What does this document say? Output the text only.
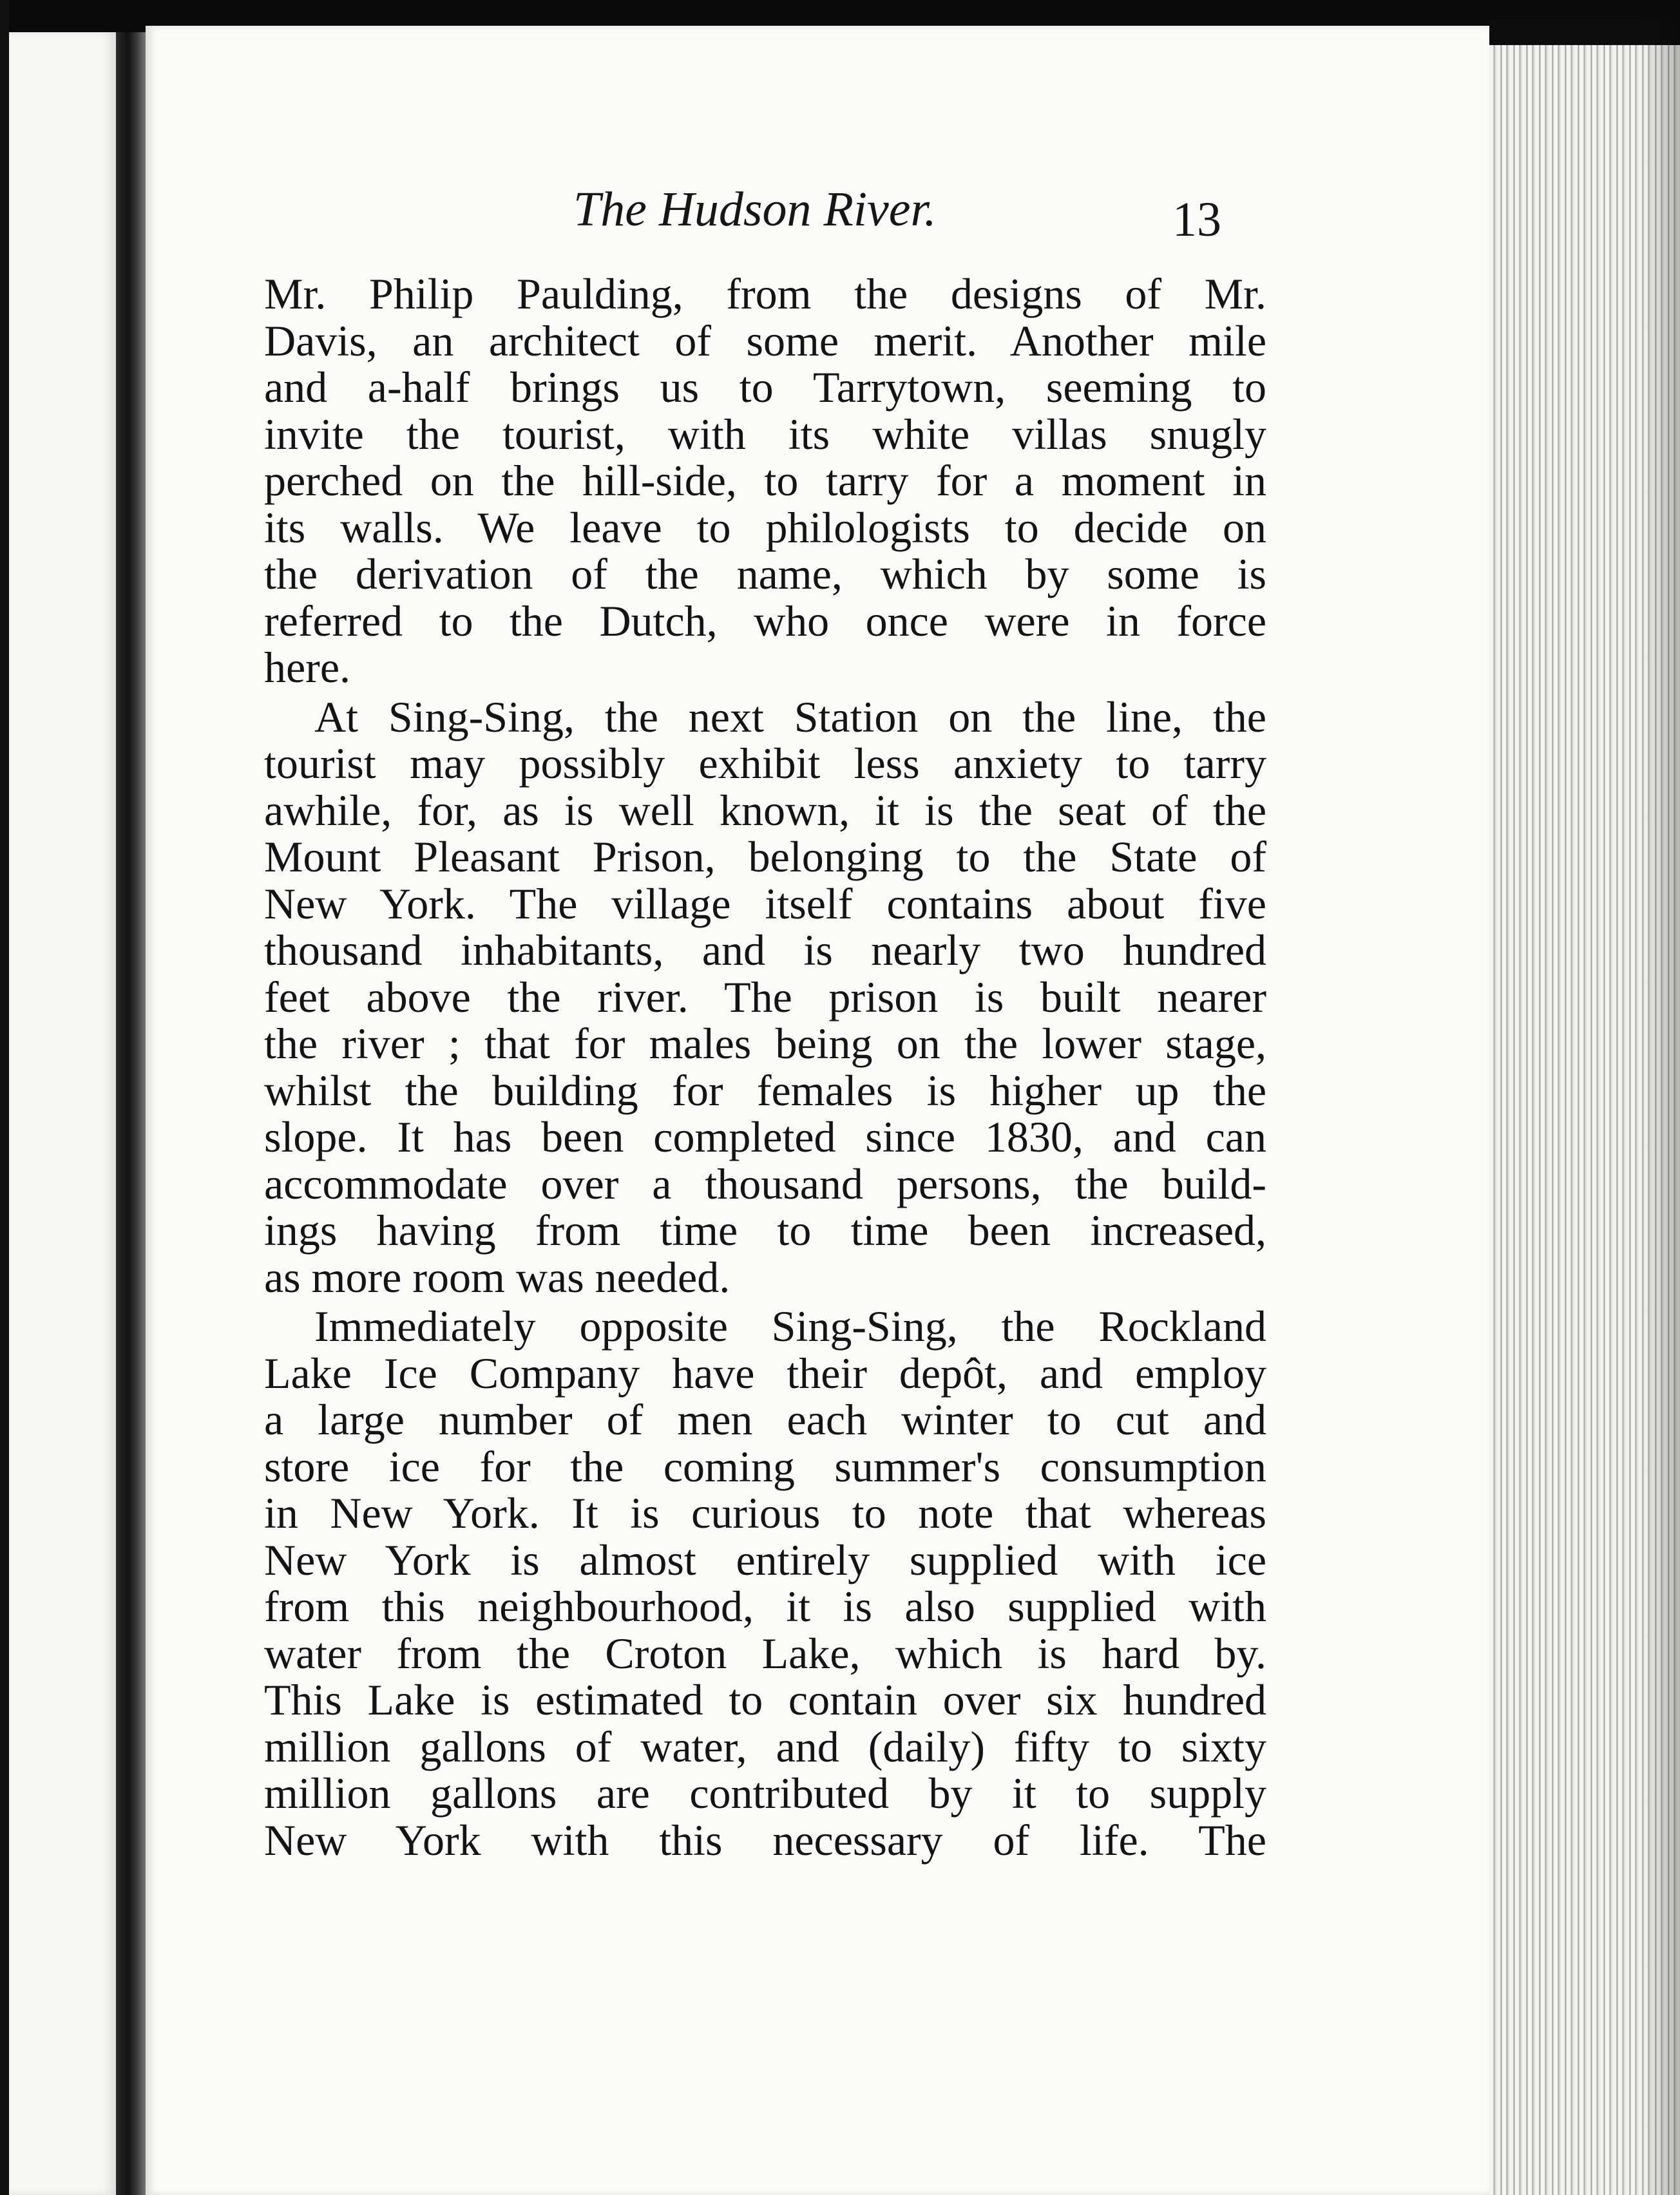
The Hudson River.	13
Mr. Philip Paulding, from the designs of Mr.
Davis, an architect of some merit. Another mile
and a-half brings us to Tarrytown, seeming to
invite the tourist, with its white villas snugly
perched on the hill-side, to tarry for a moment in
its walls. We leave to philologists to decide on
the derivation of the name, which by some is
referred to the Dutch, who once were in force
here.
At Sing-Sing, the next Station on the line, the
tourist may possibly exhibit less anxiety to tarry
awhile, for, as is well known, it is the seat of the
Mount Pleasant Prison, belonging to the State of
New York. The village itself contains about five
thousand inhabitants, and is nearly two hundred
feet above the river. The prison is built nearer
the river ; that for males being on the lower stage,
whilst the building for females is higher up the
slope. It has been completed since 1830, and can
accommodate over a thousand persons, the build-
ings having from time to time been increased,
as more room was needed.
Immediately opposite Sing-Sing, the Rockland
Lake Ice Company have their depôt, and employ
a large number of men each winter to cut and
store ice for the coming summer's consumption
in New York. It is curious to note that whereas
New York is almost entirely supplied with ice
from this neighbourhood, it is also supplied with
water from the Croton Lake, which is hard by.
This Lake is estimated to contain over six hundred
million gallons of water, and (daily) fifty to sixty
million gallons are contributed by it to supply
New York with this necessary of life. The
